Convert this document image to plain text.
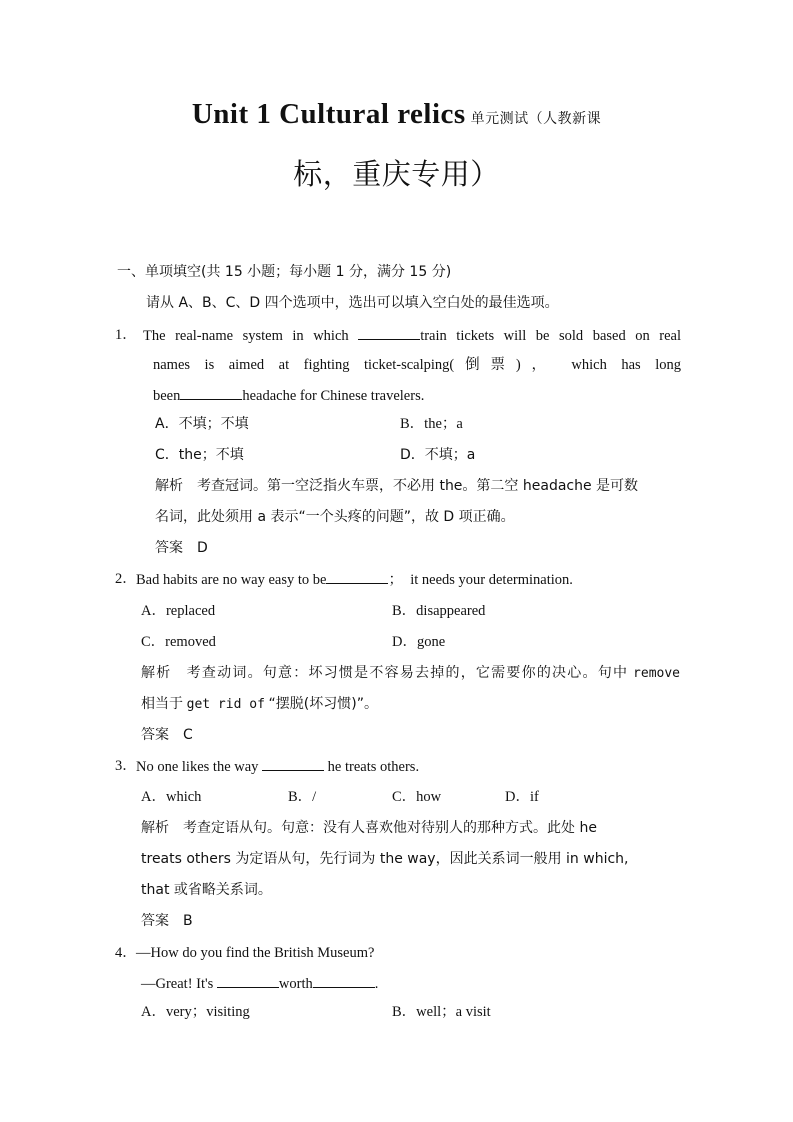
Unit 1 Cultural relics 单元测试（人教新课
标，重庆专用）
一、单项填空(共 15 小题；每小题 1 分，满分 15 分)
请从 A、B、C、D 四个选项中，选出可以填入空白处的最佳选项。
1． The real-name system in which	train tickets will be sold based on real
names is aimed at fighting ticket-scalping(倒票)， which has long
been	headache for Chinese travelers.
A．不填；不填	B．the；a
C．the；不填	D．不填；a
解析　考查冠词。第一空泛指火车票，不必用 the。第二空 headache 是可数
名词，此处须用 a 表示“一个头疼的问题”，故 D 项正确。
答案　D
2． Bad habits are no way easy to be	；　it needs your determination.
A．replaced	B．disappeared
C．removed	D．gone
解析　考查动词。句意：坏习惯是不容易去掉的，它需要你的决心。句中 remove
相当于 get rid of “摆脱(坏习惯)”。
答案　C
3． No one likes the way	he treats others.
A．which	B．/	C．how	D．if
解析　考查定语从句。句意：没有人喜欢他对待别人的那种方式。此处 he
treats others 为定语从句，先行词为 the way，因此关系词一般用 in which,
that 或省略关系词。
答案　B
4． —How do you find the British Museum?
—Great! It's	worth	.
A．very；visiting	B．well；a visit
